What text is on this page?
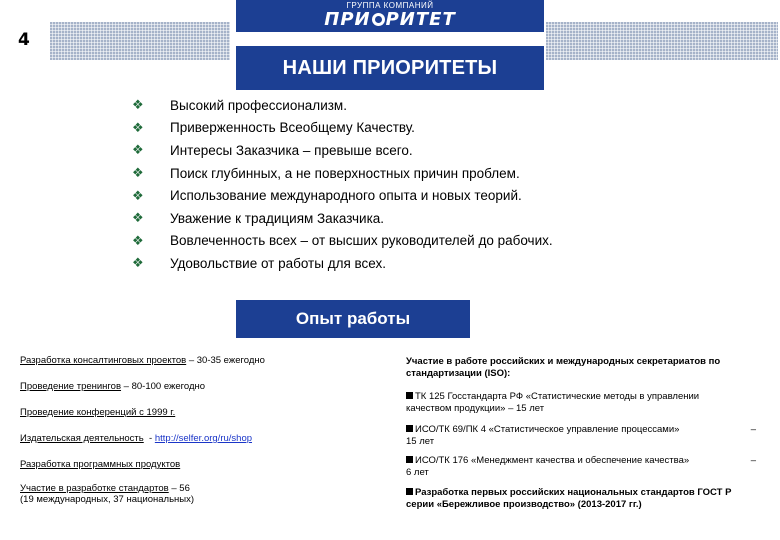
4
ГРУППА КОМПАНИЙ
ПРИ РИТЕТ
НАШИ ПРИОРИТЕТЫ
❖	Высокий профессионализм.
❖	Приверженность Всеобщему Качеству.
❖	Интересы Заказчика – превыше всего.
❖	Поиск глубинных, а не поверхностных причин проблем.
❖	Использование международного опыта и новых теорий.
❖	Уважение к традициям Заказчика.
❖	Вовлеченность всех – от высших руководителей до рабочих.
❖	Удовольствие от работы для всех.
Опыт работы
Разработка консалтинговых проектов – 30-35 ежегодно
Проведение тренингов – 80-100 ежегодно
Проведение конференций с 1999 г.
Издательская деятельность  - http://selfer.org/ru/shop
Разработка программных продуктов
Участие в разработке стандартов – 56
(19 международных, 37 национальных)
Участие в работе российских и международных секретариатов по стандартизации (ISO):
ТК 125 Госстандарта РФ «Статистические методы в управлении качеством продукции» – 15 лет
ИСО/ТК 69/ПК 4 «Статистическое управление процессами»	–

15 лет
ИСО/ТК 176 «Менеджмент качества и обеспечение качества»	–

6 лет
Разработка первых российских национальных стандартов ГОСТ Р серии «Бережливое производство» (2013-2017 гг.)
